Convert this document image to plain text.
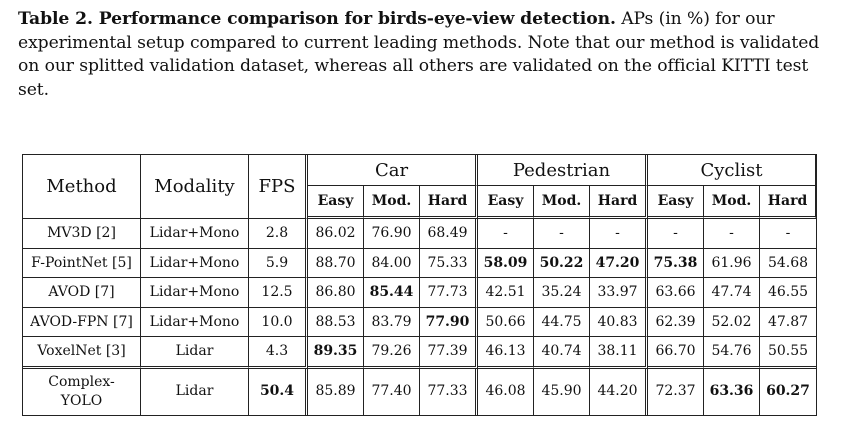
Table 2. Performance comparison for birds-eye-view detection. APs (in %) for our experimental setup compared to current leading methods. Note that our method is validated on our splitted validation dataset, whereas all others are validated on the official KITTI test set.
Method	Modality	FPS	Car			Pedestrian			Cyclist		
			Easy	Mod.	Hard	Easy	Mod.	Hard	Easy	Mod.	Hard
MV3D [2]	Lidar+Mono	2.8	86.02	76.90	68.49	-	-	-	-	-	-
F-PointNet [5]	Lidar+Mono	5.9	88.70	84.00	75.33	58.09	50.22	47.20	75.38	61.96	54.68
AVOD [7]	Lidar+Mono	12.5	86.80	85.44	77.73	42.51	35.24	33.97	63.66	47.74	46.55
AVOD-FPN [7]	Lidar+Mono	10.0	88.53	83.79	77.90	50.66	44.75	40.83	62.39	52.02	47.87
VoxelNet [3]	Lidar	4.3	89.35	79.26	77.39	46.13	40.74	38.11	66.70	54.76	50.55
Complex-
YOLO	Lidar	50.4	85.89	77.40	77.33	46.08	45.90	44.20	72.37	63.36	60.27
